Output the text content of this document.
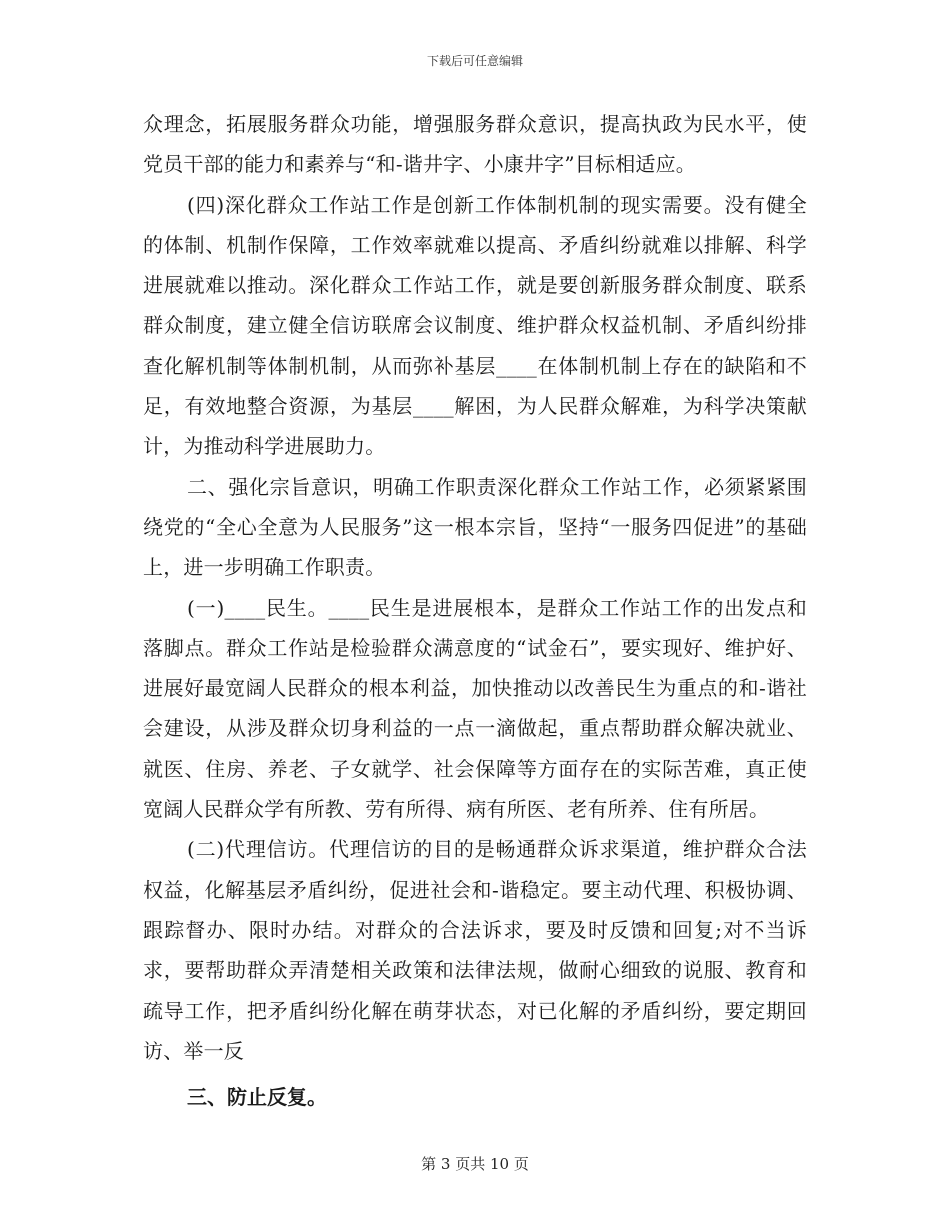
下载后可任意编辑

众理念，拓展服务群众功能，增强服务群众意识，提高执政为民水平，使党员干部的能力和素养与“和-谐井字、小康井字”目标相适应。

(四)深化群众工作站工作是创新工作体制机制的现实需要。没有健全的体制、机制作保障，工作效率就难以提高、矛盾纠纷就难以排解、科学进展就难以推动。深化群众工作站工作，就是要创新服务群众制度、联系群众制度，建立健全信访联席会议制度、维护群众权益机制、矛盾纠纷排查化解机制等体制机制，从而弥补基层____在体制机制上存在的缺陷和不足，有效地整合资源，为基层____解困，为人民群众解难，为科学决策献计，为推动科学进展助力。

二、强化宗旨意识，明确工作职责深化群众工作站工作，必须紧紧围绕党的“全心全意为人民服务”这一根本宗旨，坚持“一服务四促进”的基础上，进一步明确工作职责。

(一)____民生。____民生是进展根本，是群众工作站工作的出发点和落脚点。群众工作站是检验群众满意度的“试金石”，要实现好、维护好、进展好最宽阔人民群众的根本利益，加快推动以改善民生为重点的和-谐社会建设，从涉及群众切身利益的一点一滴做起，重点帮助群众解决就业、就医、住房、养老、子女就学、社会保障等方面存在的实际苦难，真正使宽阔人民群众学有所教、劳有所得、病有所医、老有所养、住有所居。

(二)代理信访。代理信访的目的是畅通群众诉求渠道，维护群众合法权益，化解基层矛盾纠纷，促进社会和-谐稳定。要主动代理、积极协调、跟踪督办、限时办结。对群众的合法诉求，要及时反馈和回复;对不当诉求，要帮助群众弄清楚相关政策和法律法规，做耐心细致的说服、教育和疏导工作，把矛盾纠纷化解在萌芽状态，对已化解的矛盾纠纷，要定期回访、举一反

三、防止反复。

第 3 页共 10 页
